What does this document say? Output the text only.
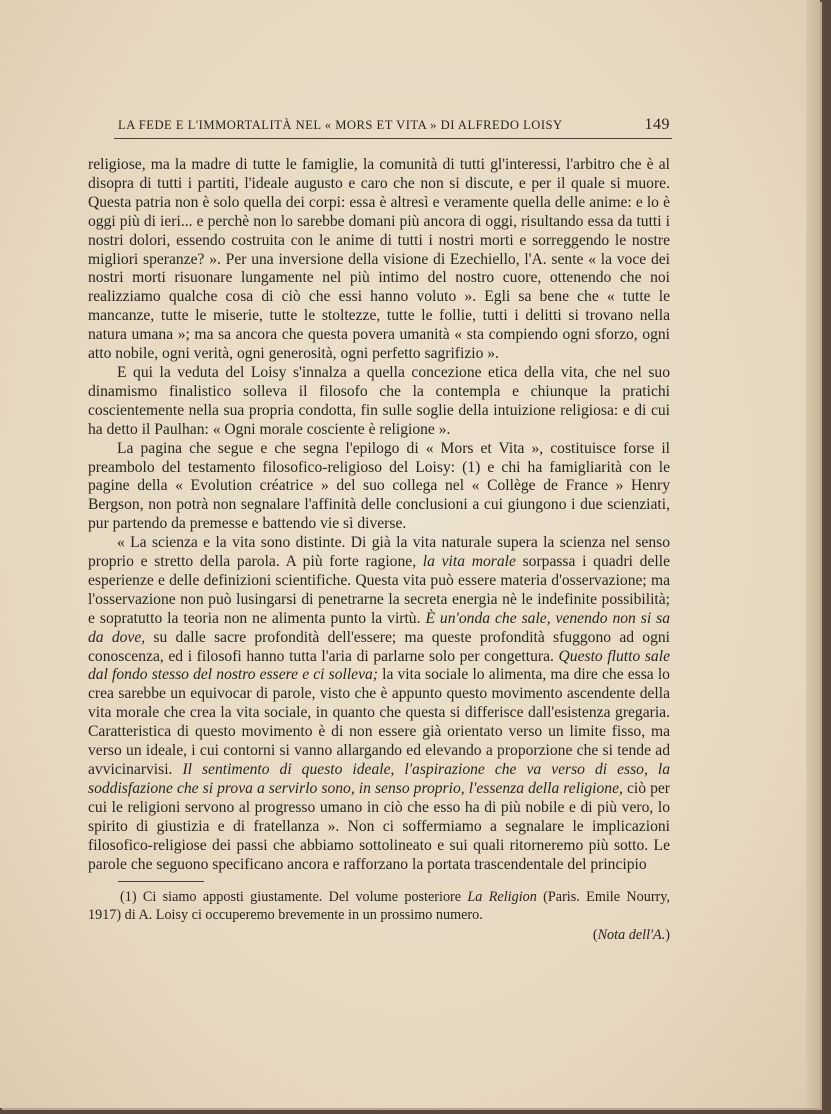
LA FEDE E L'IMMORTALITÀ NEL « MORS ET VITA » DI ALFREDO LOISY	149

religiose, ma la madre di tutte le famiglie, la comunità di tutti gl'interessi, l'arbitro che è al disopra di tutti i partiti, l'ideale augusto e caro che non si discute, e per il quale si muore. Questa patria non è solo quella dei corpi: essa è altresì e veramente quella delle anime: e lo è oggi più di ieri... e perchè non lo sarebbe domani più ancora di oggi, risultando essa da tutti i nostri dolori, essendo costruita con le anime di tutti i nostri morti e sorreggendo le nostre migliori speranze? ». Per una inversione della visione di Ezechiello, l'A. sente « la voce dei nostri morti risuonare lungamente nel più intimo del nostro cuore, ottenendo che noi realizziamo qualche cosa di ciò che essi hanno voluto ». Egli sa bene che « tutte le mancanze, tutte le miserie, tutte le stoltezze, tutte le follie, tutti i delitti si trovano nella natura umana »; ma sa ancora che questa povera umanità « sta compiendo ogni sforzo, ogni atto nobile, ogni verità, ogni generosità, ogni perfetto sagrifizio ».

E qui la veduta del Loisy s'innalza a quella concezione etica della vita, che nel suo dinamismo finalistico solleva il filosofo che la contempla e chiunque la pratichi coscientemente nella sua propria condotta, fin sulle soglie della intuizione religiosa: e di cui ha detto il Paulhan: « Ogni morale cosciente è religione ».

La pagina che segue e che segna l'epilogo di « Mors et Vita », costituisce forse il preambolo del testamento filosofico-religioso del Loisy: (1) e chi ha famigliarità con le pagine della « Evolution créatrice » del suo collega nel « Collège de France » Henry Bergson, non potrà non segnalare l'affinità delle conclusioni a cui giungono i due scienziati, pur partendo da premesse e battendo vie sì diverse.

« La scienza e la vita sono distinte. Di già la vita naturale supera la scienza nel senso proprio e stretto della parola. A più forte ragione, la vita morale sorpassa i quadri delle esperienze e delle definizioni scientifiche. Questa vita può essere materia d'osservazione; ma l'osservazione non può lusingarsi di penetrarne la secreta energia nè le indefinite possibilità; e sopratutto la teoria non ne alimenta punto la virtù. È un'onda che sale, venendo non si sa da dove, su dalle sacre profondità dell'essere; ma queste profondità sfuggono ad ogni conoscenza, ed i filosofi hanno tutta l'aria di parlarne solo per congettura. Questo flutto sale dal fondo stesso del nostro essere e ci solleva; la vita sociale lo alimenta, ma dire che essa lo crea sarebbe un equivocar di parole, visto che è appunto questo movimento ascendente della vita morale che crea la vita sociale, in quanto che questa si differisce dall'esistenza gregaria. Caratteristica di questo movimento è di non essere già orientato verso un limite fisso, ma verso un ideale, i cui contorni si vanno allargando ed elevando a proporzione che si tende ad avvicinarvisi. Il sentimento di questo ideale, l'aspirazione che va verso di esso, la soddisfazione che si prova a servirlo sono, in senso proprio, l'essenza della religione, ciò per cui le religioni servono al progresso umano in ciò che esso ha di più nobile e di più vero, lo spirito di giustizia e di fratellanza ». Non ci soffermiamo a segnalare le implicazioni filosofico-religiose dei passi che abbiamo sottolineato e sui quali ritorneremo più sotto. Le parole che seguono specificano ancora e rafforzano la portata trascendentale del principio

(1) Ci siamo apposti giustamente. Del volume posteriore La Religion (Paris. Emile Nourry, 1917) di A. Loisy ci occuperemo brevemente in un prossimo numero.

(Nota dell'A.)
